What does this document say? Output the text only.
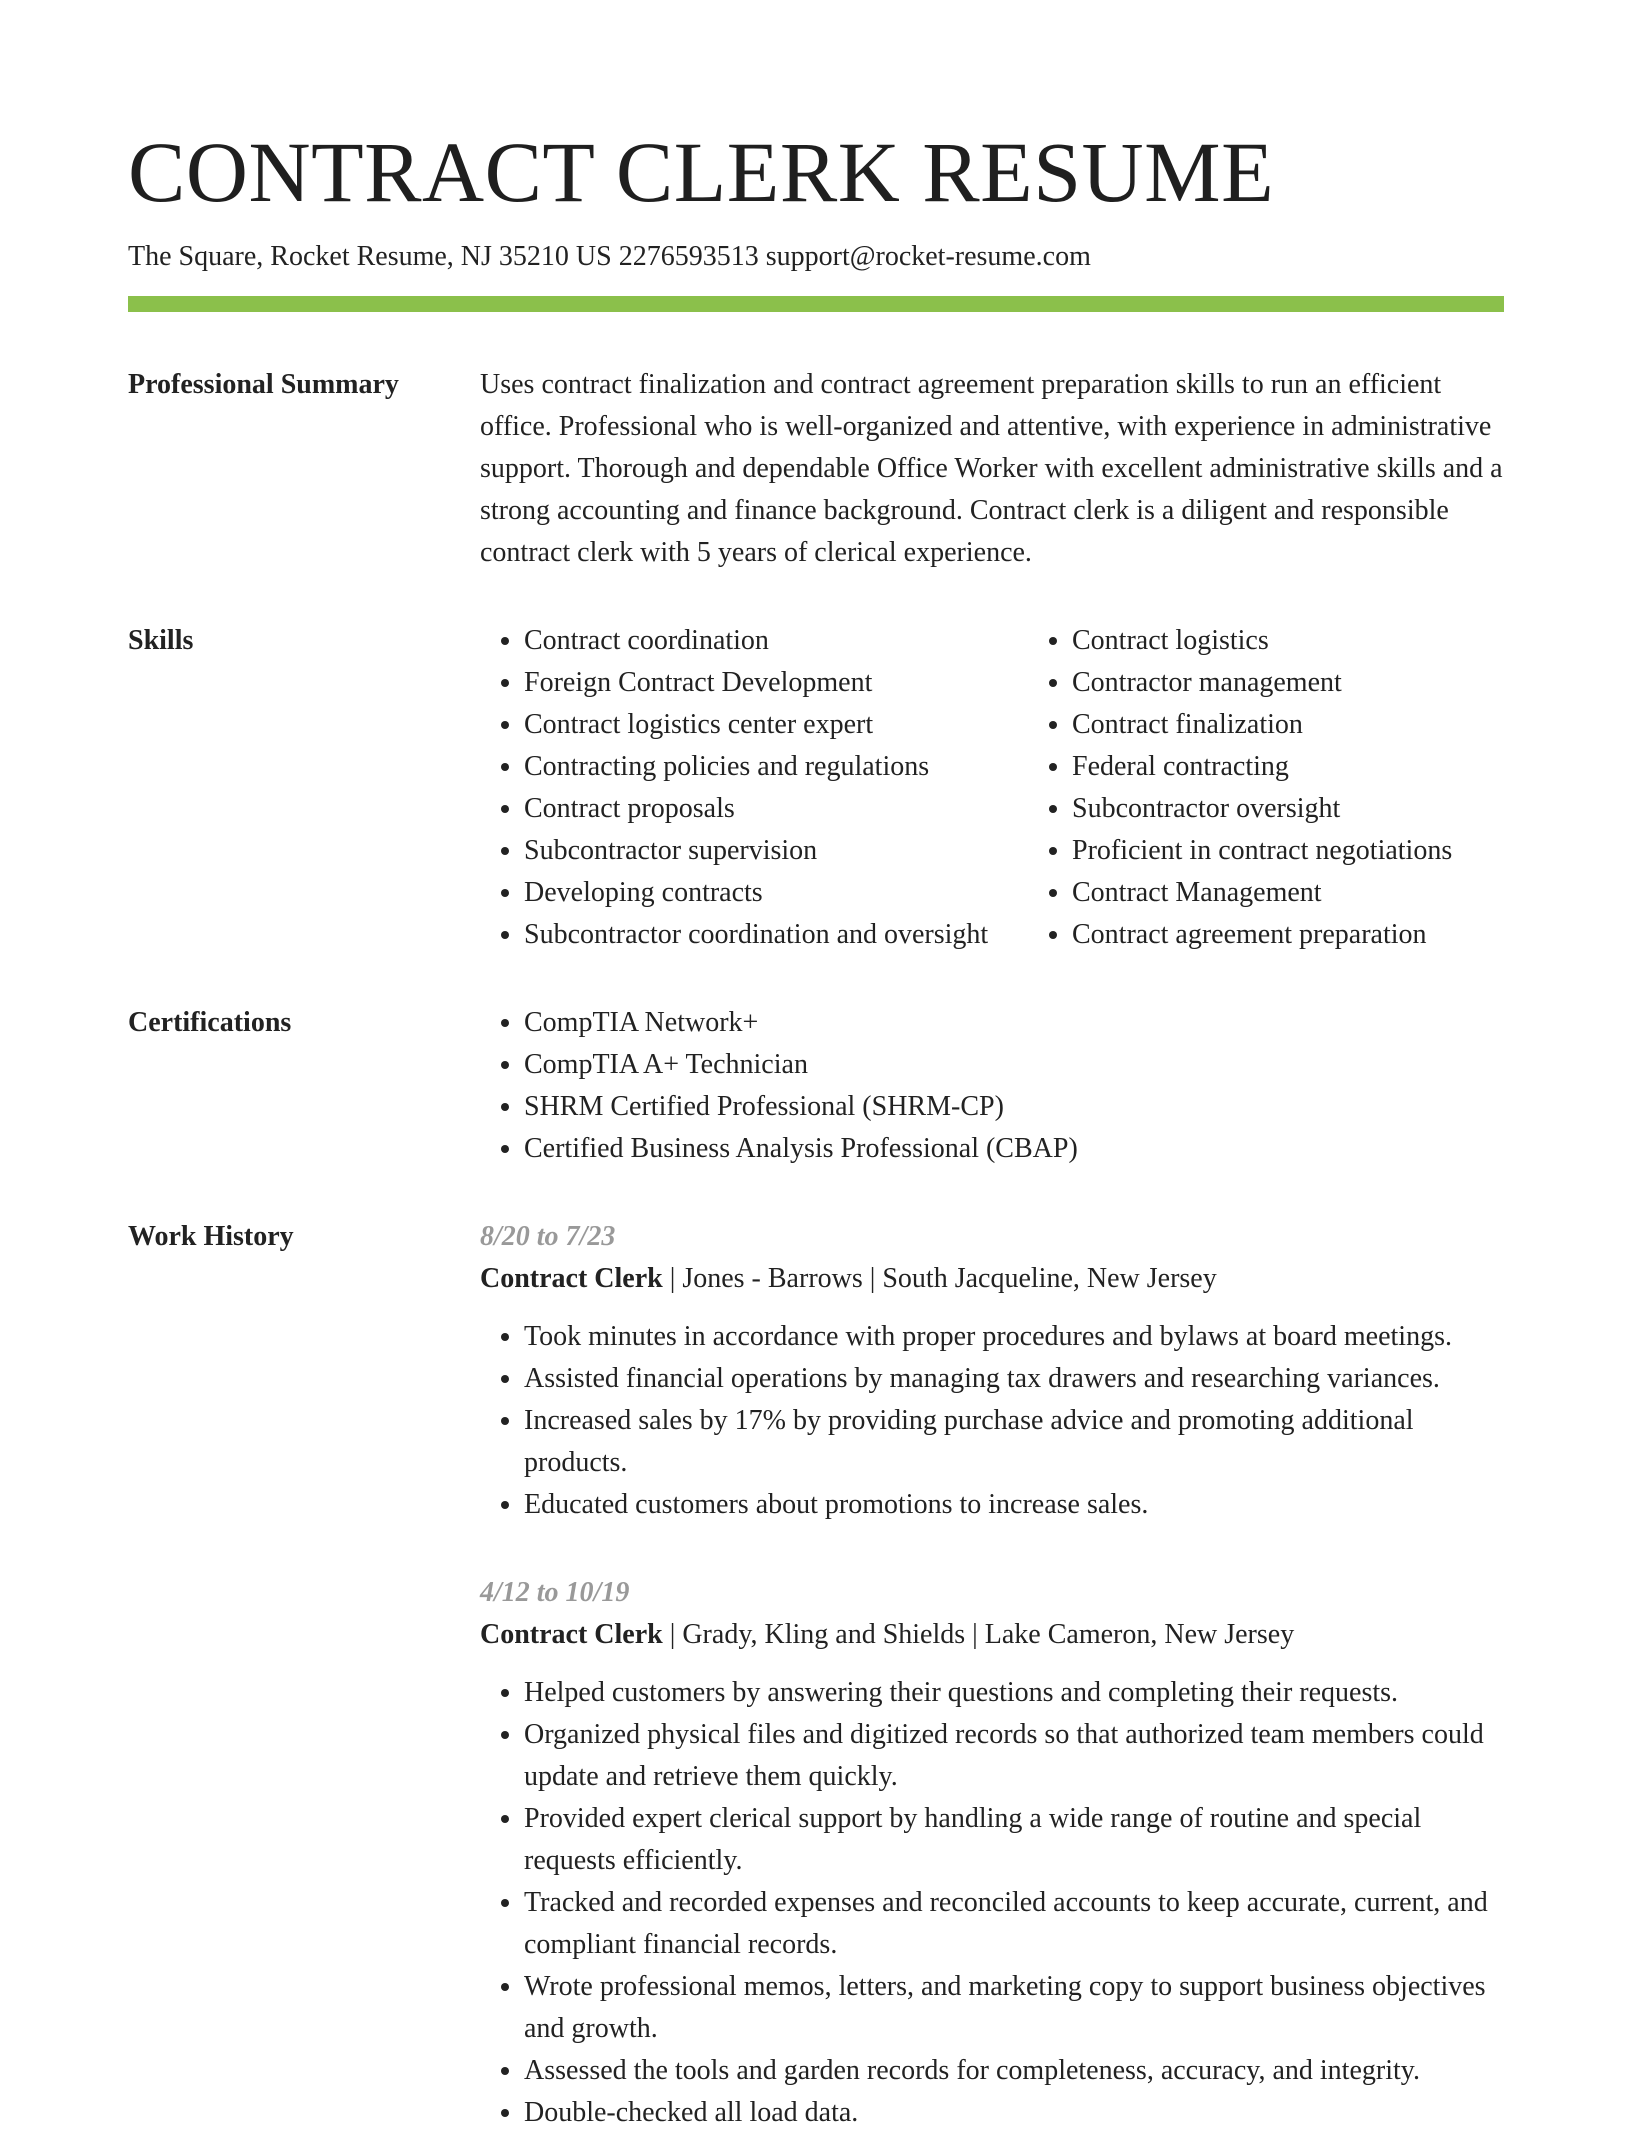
CONTRACT CLERK RESUME
The Square, Rocket Resume, NJ 35210 US 2276593513 support@rocket-resume.com
Professional Summary	Uses contract finalization and contract agreement preparation skills to run an efficient office. Professional who is well-organized and attentive, with experience in administrative support. Thorough and dependable Office Worker with excellent administrative skills and a strong accounting and finance background. Contract clerk is a diligent and responsible contract clerk with 5 years of clerical experience.

Skills	• Contract coordination
• Foreign Contract Development
• Contract logistics center expert
• Contracting policies and regulations
• Contract proposals
• Subcontractor supervision
• Developing contracts
• Subcontractor coordination and oversight
• Contract logistics
• Contractor management
• Contract finalization
• Federal contracting
• Subcontractor oversight
• Proficient in contract negotiations
• Contract Management
• Contract agreement preparation
Certifications	• CompTIA Network+
• CompTIA A+ Technician
• SHRM Certified Professional (SHRM-CP)
• Certified Business Analysis Professional (CBAP)
Work History	8/20 to 7/23
Contract Clerk | Jones - Barrows | South Jacqueline, New Jersey
• Took minutes in accordance with proper procedures and bylaws at board meetings.
• Assisted financial operations by managing tax drawers and researching variances.
• Increased sales by 17% by providing purchase advice and promoting additional products.
• Educated customers about promotions to increase sales.
4/12 to 10/19
Contract Clerk | Grady, Kling and Shields | Lake Cameron, New Jersey
• Helped customers by answering their questions and completing their requests.
• Organized physical files and digitized records so that authorized team members could update and retrieve them quickly.
• Provided expert clerical support by handling a wide range of routine and special requests efficiently.
• Tracked and recorded expenses and reconciled accounts to keep accurate, current, and compliant financial records.
• Wrote professional memos, letters, and marketing copy to support business objectives and growth.
• Assessed the tools and garden records for completeness, accuracy, and integrity.
• Double-checked all load data.
